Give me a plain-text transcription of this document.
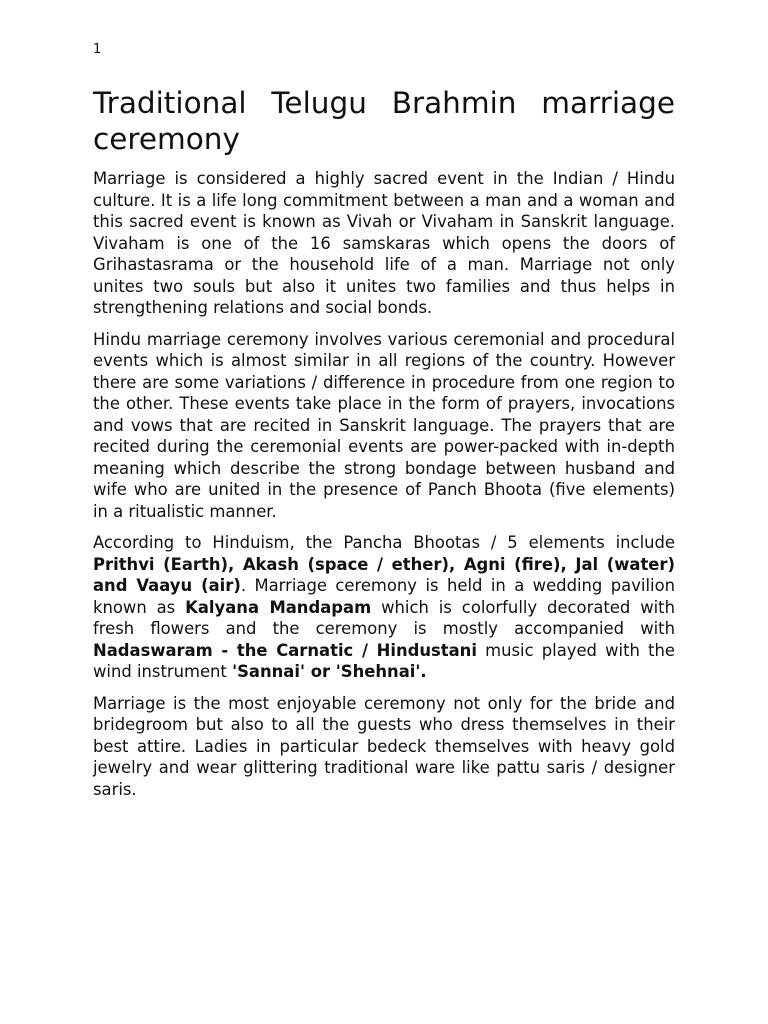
1
Traditional Telugu Brahmin marriage ceremony

Marriage is considered a highly sacred event in the Indian / Hindu culture. It is a life long commitment between a man and a woman and this sacred event is known as Vivah or Vivaham in Sanskrit language. Vivaham is one of the 16 samskaras which opens the doors of Grihastasrama or the household life of a man. Marriage not only unites two souls but also it unites two families and thus helps in strengthening relations and social bonds.

Hindu marriage ceremony involves various ceremonial and procedural events which is almost similar in all regions of the country. However there are some variations / difference in procedure from one region to the other. These events take place in the form of prayers, invocations and vows that are recited in Sanskrit language. The prayers that are recited during the ceremonial events are power-packed with in-depth meaning which describe the strong bondage between husband and wife who are united in the presence of Panch Bhoota (five elements) in a ritualistic manner.

According to Hinduism, the Pancha Bhootas / 5 elements include Prithvi (Earth), Akash (space / ether), Agni (fire), Jal (water) and Vaayu (air). Marriage ceremony is held in a wedding pavilion known as Kalyana Mandapam which is colorfully decorated with fresh flowers and the ceremony is mostly accompanied with Nadaswaram - the Carnatic / Hindustani music played with the wind instrument 'Sannai' or 'Shehnai'.

Marriage is the most enjoyable ceremony not only for the bride and bridegroom but also to all the guests who dress themselves in their best attire. Ladies in particular bedeck themselves with heavy gold jewelry and wear glittering traditional ware like pattu saris / designer saris.
